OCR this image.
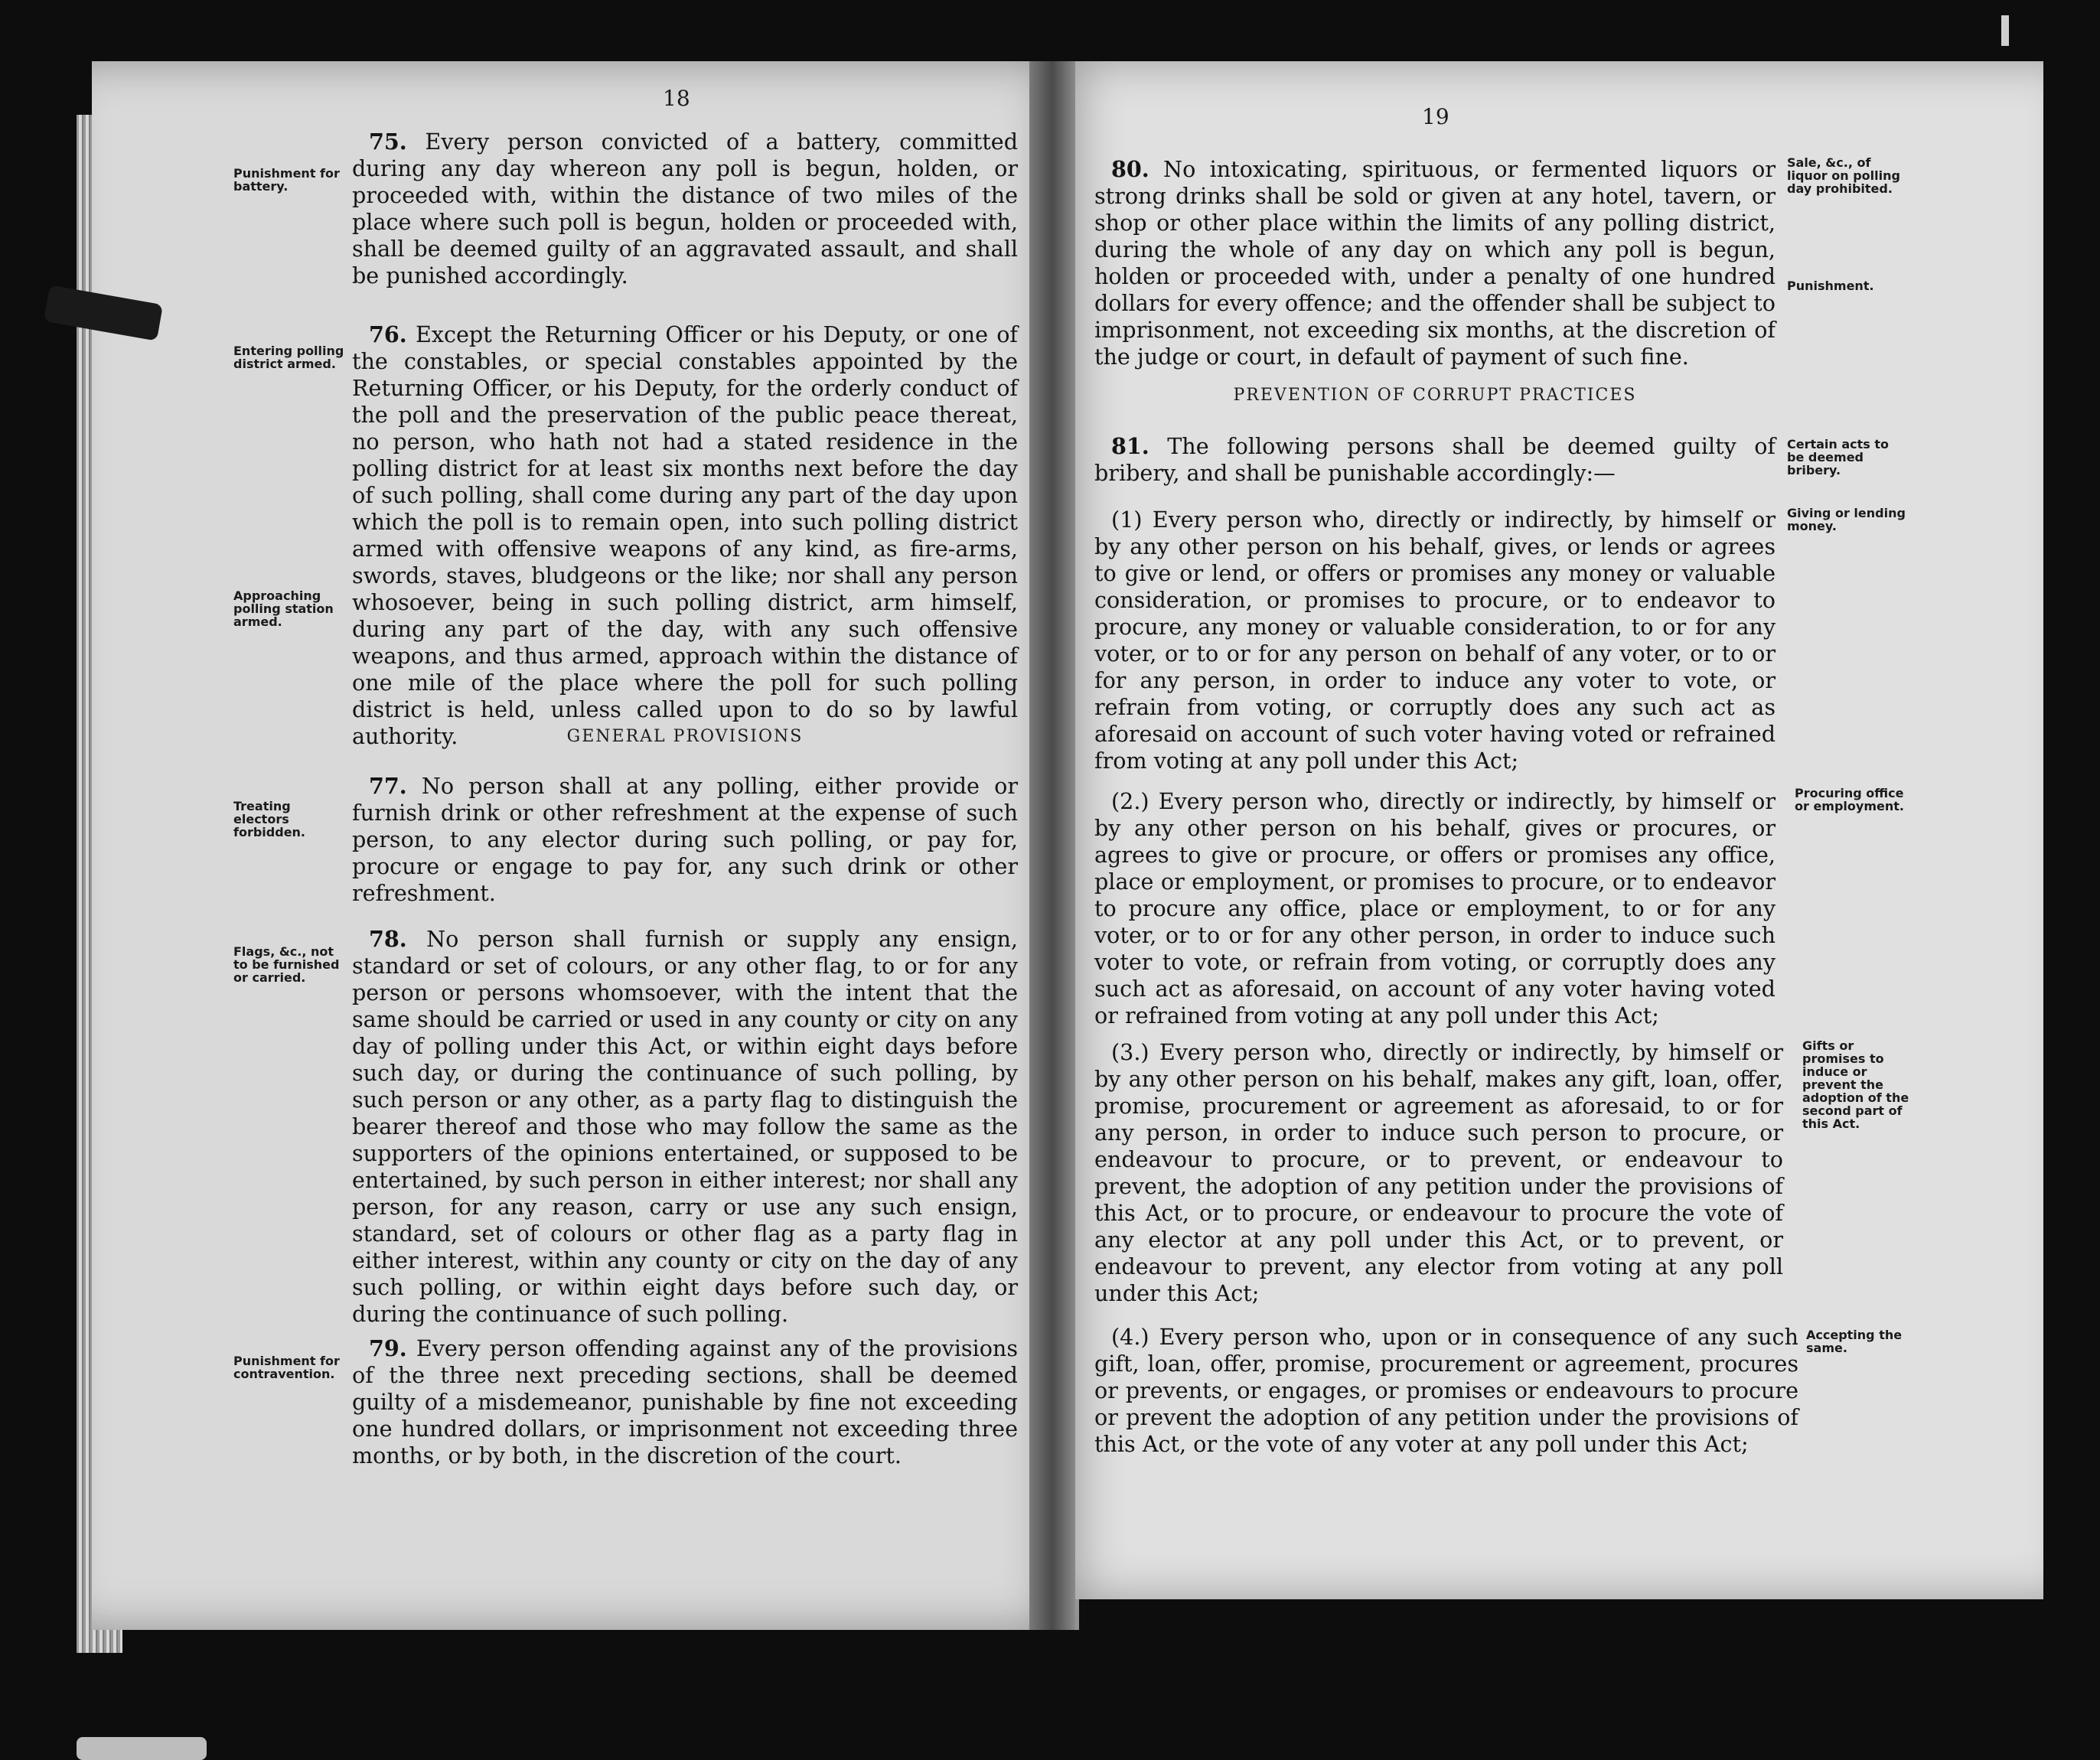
18
Punishment for battery.

75. Every person convicted of a battery, committed during any day whereon any poll is begun, holden, or proceeded with, within the distance of two miles of the place where such poll is begun, holden or proceeded with, shall be deemed guilty of an aggravated assault, and shall be punished accordingly.

Entering polling district armed.

76. Except the Returning Officer or his Deputy, or one of the constables, or special constables appointed by the Returning Officer, or his Deputy, for the orderly conduct of the poll and the preservation of the public peace thereat, no person, who hath not had a stated residence in the polling district for at least six months next before the day of such polling, shall come during any part of the day upon which the poll is to remain open, into such polling district armed with offensive weapons of any kind, as fire-arms, swords, staves, bludgeons or the like; nor shall any person whosoever, being in such polling district, arm himself, during any part of the day, with any such offensive weapons, and thus armed, approach within the distance of one mile of the place where the poll for such polling district is held, unless called upon to do so by lawful authority.

Approaching polling station armed.
GENERAL PROVISIONS
Treating electors forbidden.

77. No person shall at any polling, either provide or furnish drink or other refreshment at the expense of such person, to any elector during such polling, or pay for, procure or engage to pay for, any such drink or other refreshment.

Flags, &c., not to be furnished or carried.

78. No person shall furnish or supply any ensign, standard or set of colours, or any other flag, to or for any person or persons whomsoever, with the intent that the same should be carried or used in any county or city on any day of polling under this Act, or within eight days before such day, or during the continuance of such polling, by such person or any other, as a party flag to distinguish the bearer thereof and those who may follow the same as the supporters of the opinions entertained, or supposed to be entertained, by such person in either interest; nor shall any person, for any reason, carry or use any such ensign, standard, set of colours or other flag as a party flag in either interest, within any county or city on the day of any such polling, or within eight days before such day, or during the continuance of such polling.

Punishment for contravention.

79. Every person offending against any of the provisions of the three next preceding sections, shall be deemed guilty of a misdemeanor, punishable by fine not exceeding one hundred dollars, or imprisonment not exceeding three months, or by both, in the discretion of the court.

19
Sale, &c., of liquor on polling day prohibited.
Punishment.

80. No intoxicating, spirituous, or fermented liquors or strong drinks shall be sold or given at any hotel, tavern, or shop or other place within the limits of any polling district, during the whole of any day on which any poll is begun, holden or proceeded with, under a penalty of one hundred dollars for every offence; and the offender shall be subject to imprisonment, not exceeding six months, at the discretion of the judge or court, in default of payment of such fine.

PREVENTION OF CORRUPT PRACTICES
Certain acts to be deemed bribery.

81. The following persons shall be deemed guilty of bribery, and shall be punishable accordingly:—

Giving or lending money.

(1) Every person who, directly or indirectly, by himself or by any other person on his behalf, gives, or lends or agrees to give or lend, or offers or promises any money or valuable consideration, or promises to procure, or to endeavor to procure, any money or valuable consideration, to or for any voter, or to or for any person on behalf of any voter, or to or for any person, in order to induce any voter to vote, or refrain from voting, or corruptly does any such act as aforesaid on account of such voter having voted or refrained from voting at any poll under this Act;

Procuring office or employment.

(2.) Every person who, directly or indirectly, by himself or by any other person on his behalf, gives or procures, or agrees to give or procure, or offers or promises any office, place or employment, or promises to procure, or to endeavor to procure any office, place or employment, to or for any voter, or to or for any other person, in order to induce such voter to vote, or refrain from voting, or corruptly does any such act as aforesaid, on account of any voter having voted or refrained from voting at any poll under this Act;

Gifts or promises to induce or prevent the adoption of the second part of this Act.

(3.) Every person who, directly or indirectly, by himself or by any other person on his behalf, makes any gift, loan, offer, promise, procurement or agreement as aforesaid, to or for any person, in order to induce such person to procure, or endeavour to procure, or to prevent, or endeavour to prevent, the adoption of any petition under the provisions of this Act, or to procure, or endeavour to procure the vote of any elector at any poll under this Act, or to prevent, or endeavour to prevent, any elector from voting at any poll under this Act;

Accepting the same.

(4.) Every person who, upon or in consequence of any such gift, loan, offer, promise, procurement or agreement, procures or prevents, or engages, or promises or endeavours to procure or prevent the adoption of any petition under the provisions of this Act, or the vote of any voter at any poll under this Act;
